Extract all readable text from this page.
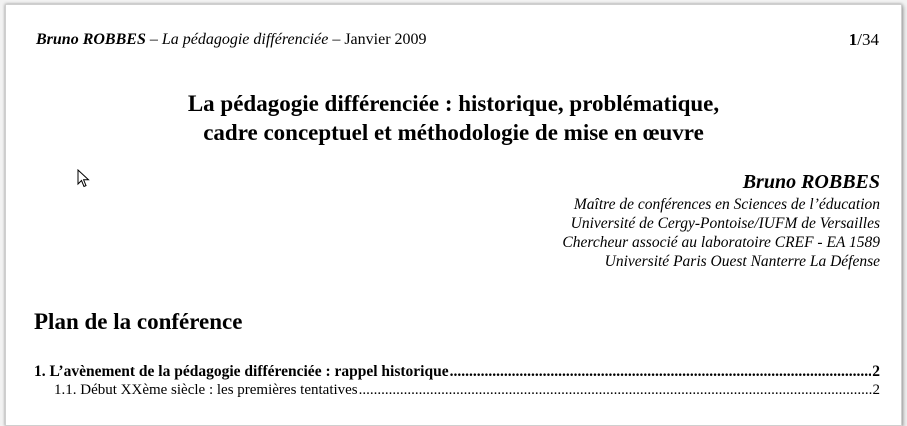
Bruno ROBBES – La pédagogie différenciée – Janvier 2009	1/34
La pédagogie différenciée : historique, problématique,
cadre conceptuel et méthodologie de mise en œuvre
Bruno ROBBES
Maître de conférences en Sciences de l’éducation
Université de Cergy-Pontoise/IUFM de Versailles
Chercheur associé au laboratoire CREF - EA 1589
Université Paris Ouest Nanterre La Défense
Plan de la conférence
1. L’avènement de la pédagogie différenciée : rappel historique .....	2
1.1. Début XXème siècle : les premières tentatives .....	2
